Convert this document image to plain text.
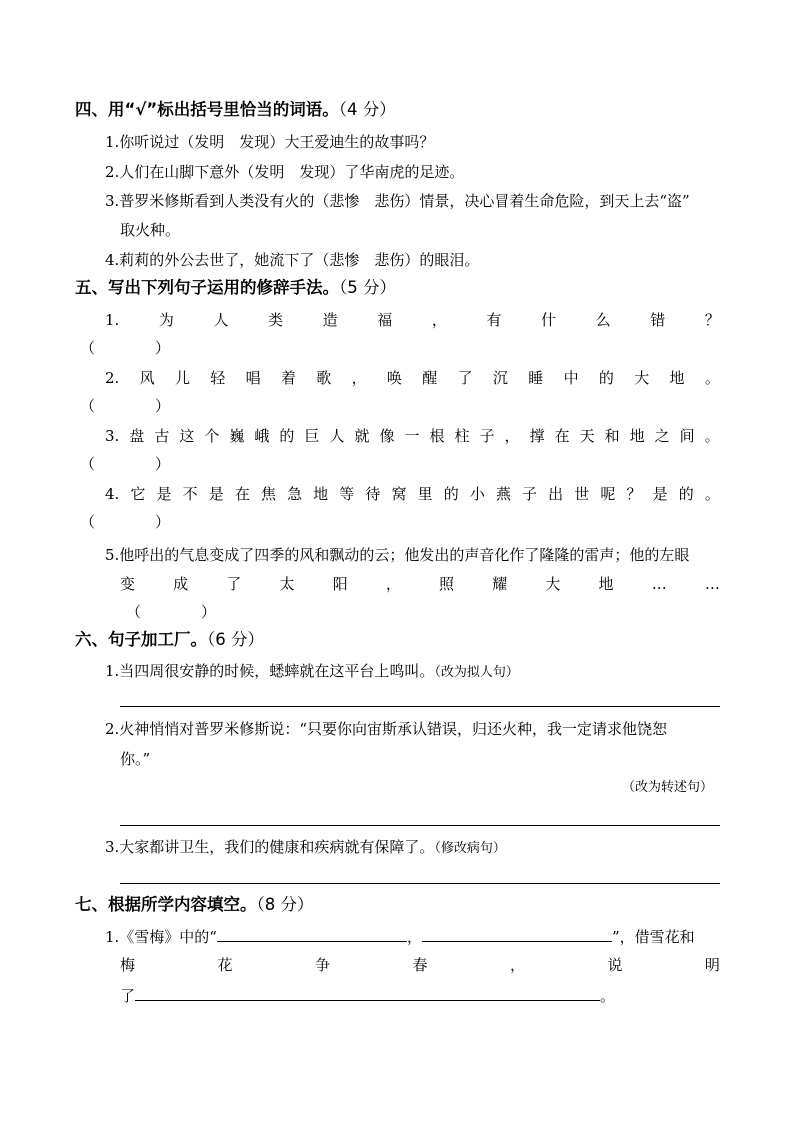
四、用“√”标出括号里恰当的词语。（4 分）
1.你听说过（发明　发现）大王爱迪生的故事吗？
2.人们在山脚下意外（发明　发现）了华南虎的足迹。
3.普罗米修斯看到人类没有火的（悲惨　悲伤）情景，决心冒着生命危险，到天上去“盗”
取火种。
4.莉莉的外公去世了，她流下了（悲惨　悲伤）的眼泪。
五、写出下列句子运用的修辞手法。（5 分）
1.	为	人	类	造	福	，	有	什	么	错	？
（　　　　）
2. 风 儿 轻 唱 着 歌 ， 唤 醒 了 沉 睡 中 的 大 地 。
（　　　　）
3. 盘 古 这 个 巍 峨 的 巨 人 就 像 一 根 柱 子 ， 撑 在 天 和 地 之 间 。
（　　　　）
4. 它 是 不 是 在 焦 急 地 等 待 窝 里 的 小 燕 子 出 世 呢 ？ 是 的 。
（　　　　）
5.他呼出的气息变成了四季的风和飘动的云；他发出的声音化作了隆隆的雷声；他的左眼
变	成	了	太	阳	，	照	耀	大	地	…	…
（　　　　）
六、句子加工厂。（6 分）
1.当四周很安静的时候，蟋蟀就在这平台上鸣叫。（改为拟人句）
2.火神悄悄对普罗米修斯说：“只要你向宙斯承认错误，归还火种，我一定请求他饶恕
你。”
（改为转述句）
3.大家都讲卫生，我们的健康和疾病就有保障了。（修改病句）
七、根据所学内容填空。（8 分）
1.《雪梅》中的“	，	”，借雪花和
梅	花	争	春	，	说	明
了	。
